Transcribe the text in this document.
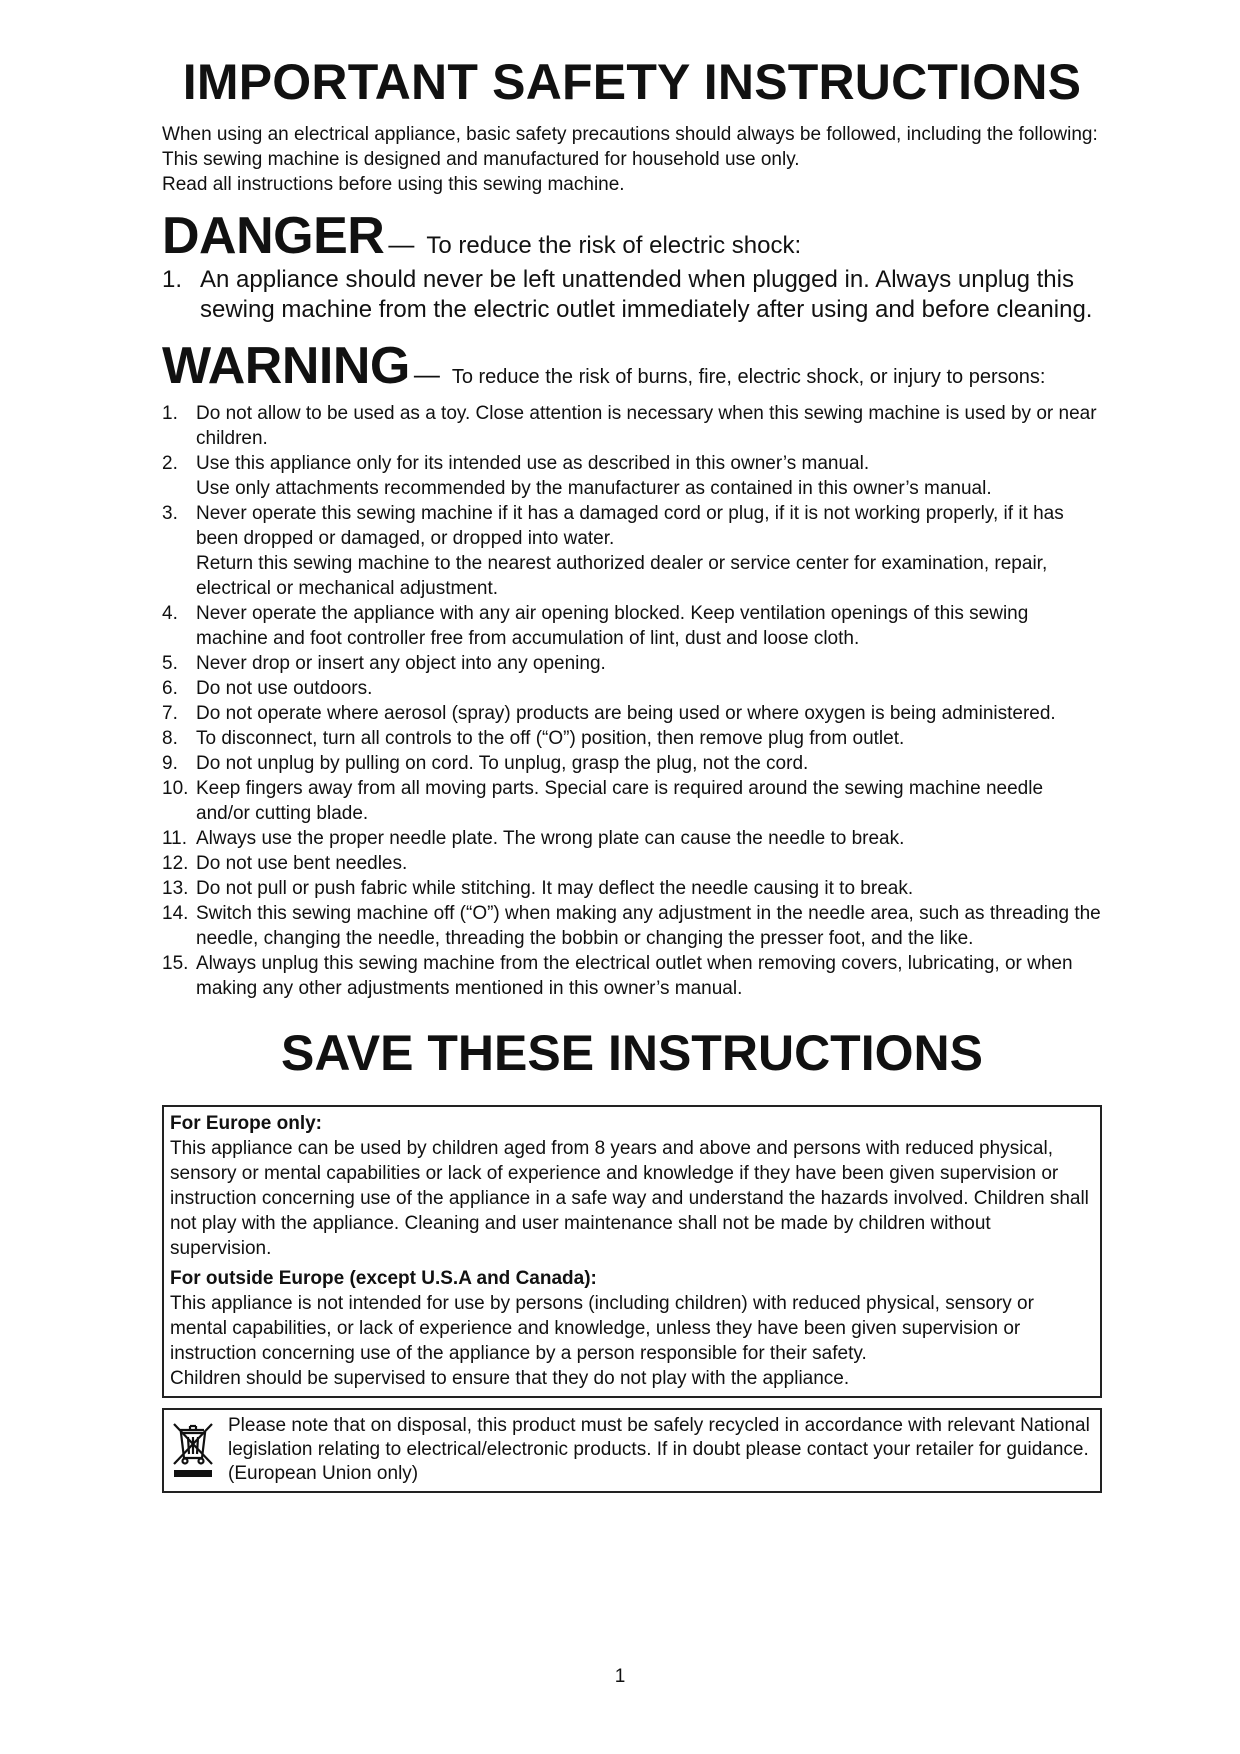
IMPORTANT SAFETY INSTRUCTIONS

When using an electrical appliance, basic safety precautions should always be followed, including the following:

This sewing machine is designed and manufactured for household use only.

Read all instructions before using this sewing machine.

DANGER — To reduce the risk of electric shock:
1. An appliance should never be left unattended when plugged in. Always unplug this sewing machine from the electric outlet immediately after using and before cleaning.
WARNING — To reduce the risk of burns, fire, electric shock, or injury to persons:
1. Do not allow to be used as a toy. Close attention is necessary when this sewing machine is used by or near children.
2. Use this appliance only for its intended use as described in this owner’s manual.
Use only attachments recommended by the manufacturer as contained in this owner’s manual.
3. Never operate this sewing machine if it has a damaged cord or plug, if it is not working properly, if it has been dropped or damaged, or dropped into water.
Return this sewing machine to the nearest authorized dealer or service center for examination, repair, electrical or mechanical adjustment.
4. Never operate the appliance with any air opening blocked. Keep ventilation openings of this sewing machine and foot controller free from accumulation of lint, dust and loose cloth.
5. Never drop or insert any object into any opening.
6. Do not use outdoors.
7. Do not operate where aerosol (spray) products are being used or where oxygen is being administered.
8. To disconnect, turn all controls to the off (“O”) position, then remove plug from outlet.
9. Do not unplug by pulling on cord. To unplug, grasp the plug, not the cord.
10. Keep fingers away from all moving parts. Special care is required around the sewing machine needle and/or cutting blade.
11. Always use the proper needle plate. The wrong plate can cause the needle to break.
12. Do not use bent needles.
13. Do not pull or push fabric while stitching. It may deflect the needle causing it to break.
14. Switch this sewing machine off (“O”) when making any adjustment in the needle area, such as threading the needle, changing the needle, threading the bobbin or changing the presser foot, and the like.
15. Always unplug this sewing machine from the electrical outlet when removing covers, lubricating, or when making any other adjustments mentioned in this owner’s manual.
SAVE THESE INSTRUCTIONS
For Europe only:

This appliance can be used by children aged from 8 years and above and persons with reduced physical, sensory or mental capabilities or lack of experience and knowledge if they have been given supervision or instruction concerning use of the appliance in a safe way and understand the hazards involved. Children shall not play with the appliance. Cleaning and user maintenance shall not be made by children without supervision.

For outside Europe (except U.S.A and Canada):

This appliance is not intended for use by persons (including children) with reduced physical, sensory or mental capabilities, or lack of experience and knowledge, unless they have been given supervision or instruction concerning use of the appliance by a person responsible for their safety.

Children should be supervised to ensure that they do not play with the appliance.

Please note that on disposal, this product must be safely recycled in accordance with relevant National legislation relating to electrical/electronic products. If in doubt please contact your retailer for guidance. (European Union only)
1
